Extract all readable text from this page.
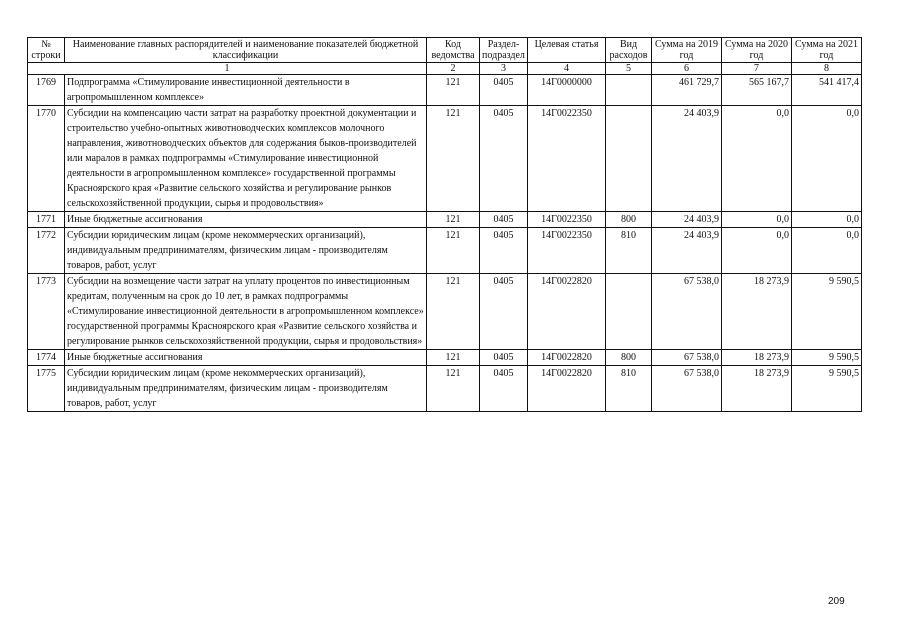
№ строки	Наименование главных распорядителей и наименование показателей бюджетной классификации	Код ведомства	Раздел-подраздел	Целевая статья	Вид расходов	Сумма на 2019 год	Сумма на 2020 год	Сумма на 2021 год
1		2	3	4	5	6	7	8
1769	Подпрограмма «Стимулирование инвестиционной деятельности в агропромышленном комплексе»	121	0405	14Г0000000		461 729,7	565 167,7	541 417,4
1770	Субсидии на компенсацию части затрат на разработку проектной документации и строительство учебно-опытных животноводческих комплексов молочного направления, животноводческих объектов для содержания быков-производителей или маралов в рамках подпрограммы «Стимулирование инвестиционной деятельности в агропромышленном комплексе» государственной программы Красноярского края «Развитие сельского хозяйства и регулирование рынков сельскохозяйственной продукции, сырья и продовольствия»	121	0405	14Г0022350		24 403,9	0,0	0,0
1771	Иные бюджетные ассигнования	121	0405	14Г0022350	800	24 403,9	0,0	0,0
1772	Субсидии юридическим лицам (кроме некоммерческих организаций), индивидуальным предпринимателям, физическим лицам - производителям товаров, работ, услуг	121	0405	14Г0022350	810	24 403,9	0,0	0,0
1773	Субсидии на возмещение части затрат на уплату процентов по инвестиционным кредитам, полученным на срок до 10 лет, в рамках подпрограммы «Стимулирование инвестиционной деятельности в агропромышленном комплексе» государственной программы Красноярского края «Развитие сельского хозяйства и регулирование рынков сельскохозяйственной продукции, сырья и продовольствия»	121	0405	14Г0022820		67 538,0	18 273,9	9 590,5
1774	Иные бюджетные ассигнования	121	0405	14Г0022820	800	67 538,0	18 273,9	9 590,5
1775	Субсидии юридическим лицам (кроме некоммерческих организаций), индивидуальным предпринимателям, физическим лицам - производителям товаров, работ, услуг	121	0405	14Г0022820	810	67 538,0	18 273,9	9 590,5
209
